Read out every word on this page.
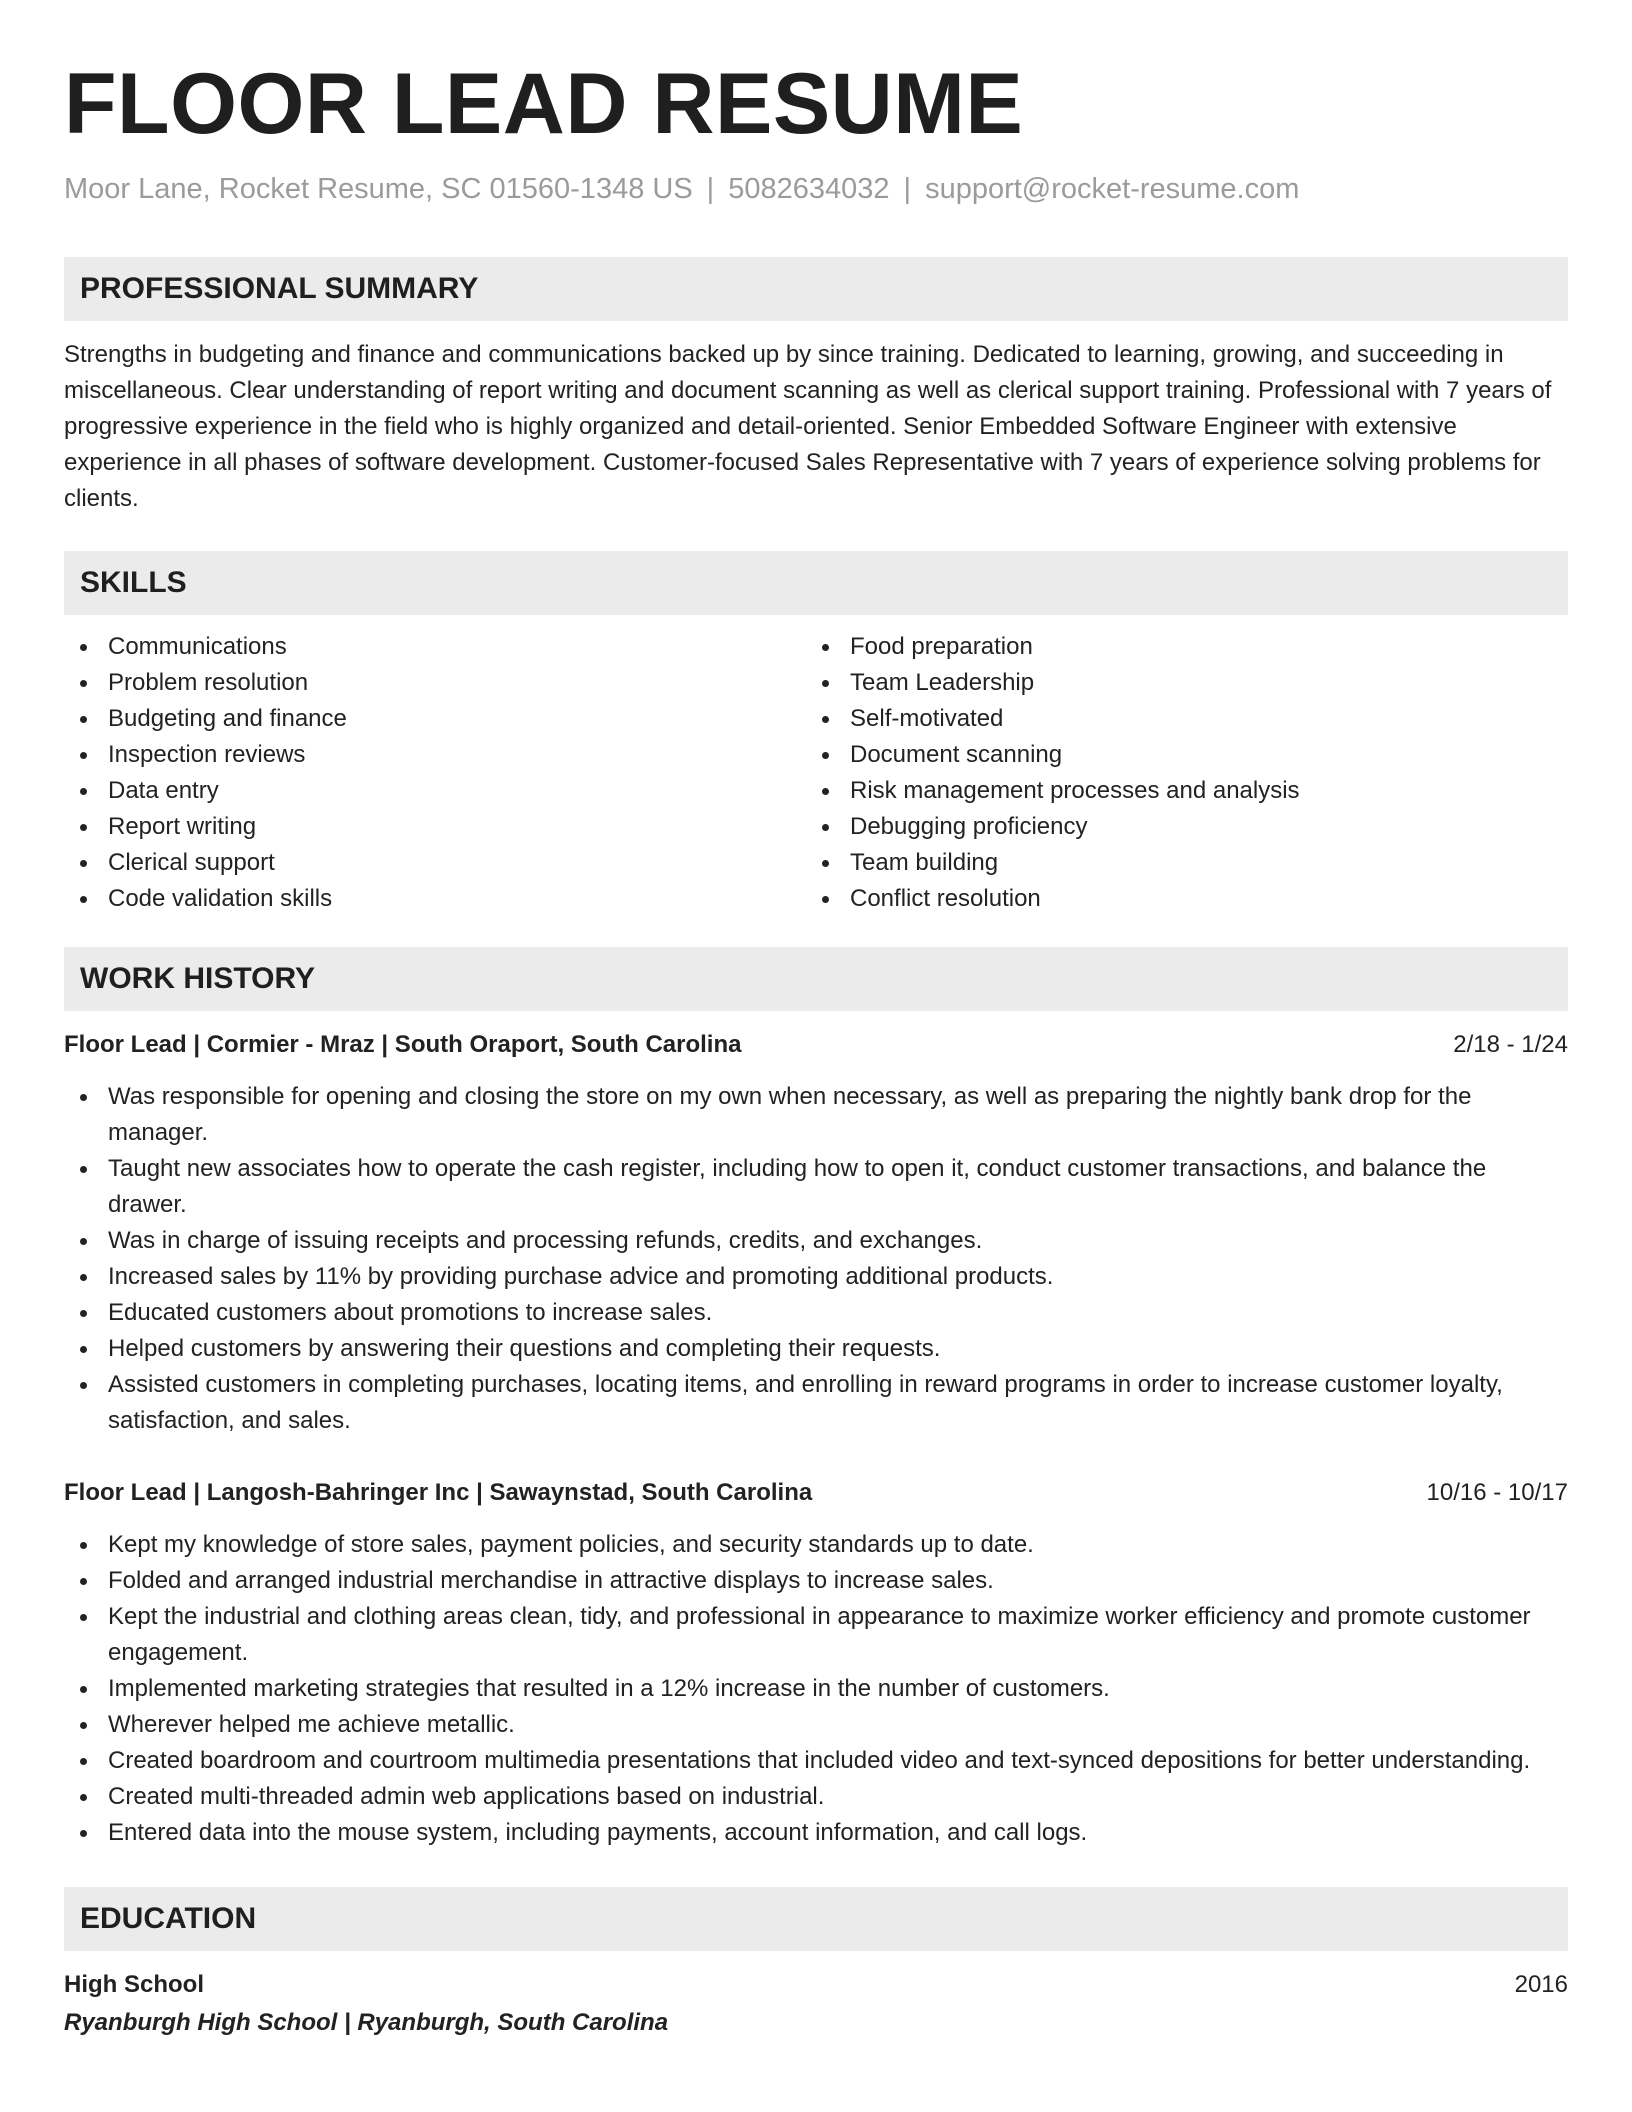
FLOOR LEAD RESUME
Moor Lane, Rocket Resume, SC 01560-1348 US | 5082634032 | support@rocket-resume.com
PROFESSIONAL SUMMARY

Strengths in budgeting and finance and communications backed up by since training. Dedicated to learning, growing, and succeeding in miscellaneous. Clear understanding of report writing and document scanning as well as clerical support training. Professional with 7 years of progressive experience in the field who is highly organized and detail-oriented. Senior Embedded Software Engineer with extensive experience in all phases of software development. Customer-focused Sales Representative with 7 years of experience solving problems for clients.

SKILLS
Communications
Problem resolution
Budgeting and finance
Inspection reviews
Data entry
Report writing
Clerical support
Code validation skills
Food preparation
Team Leadership
Self-motivated
Document scanning
Risk management processes and analysis
Debugging proficiency
Team building
Conflict resolution
WORK HISTORY
Floor Lead | Cormier - Mraz | South Oraport, South Carolina	2/18 - 1/24
Was responsible for opening and closing the store on my own when necessary, as well as preparing the nightly bank drop for the manager.
Taught new associates how to operate the cash register, including how to open it, conduct customer transactions, and balance the drawer.
Was in charge of issuing receipts and processing refunds, credits, and exchanges.
Increased sales by 11% by providing purchase advice and promoting additional products.
Educated customers about promotions to increase sales.
Helped customers by answering their questions and completing their requests.
Assisted customers in completing purchases, locating items, and enrolling in reward programs in order to increase customer loyalty, satisfaction, and sales.
Floor Lead | Langosh-Bahringer Inc | Sawaynstad, South Carolina	10/16 - 10/17
Kept my knowledge of store sales, payment policies, and security standards up to date.
Folded and arranged industrial merchandise in attractive displays to increase sales.
Kept the industrial and clothing areas clean, tidy, and professional in appearance to maximize worker efficiency and promote customer engagement.
Implemented marketing strategies that resulted in a 12% increase in the number of customers.
Wherever helped me achieve metallic.
Created boardroom and courtroom multimedia presentations that included video and text-synced depositions for better understanding.
Created multi-threaded admin web applications based on industrial.
Entered data into the mouse system, including payments, account information, and call logs.
EDUCATION
High School	2016
Ryanburgh High School | Ryanburgh, South Carolina
